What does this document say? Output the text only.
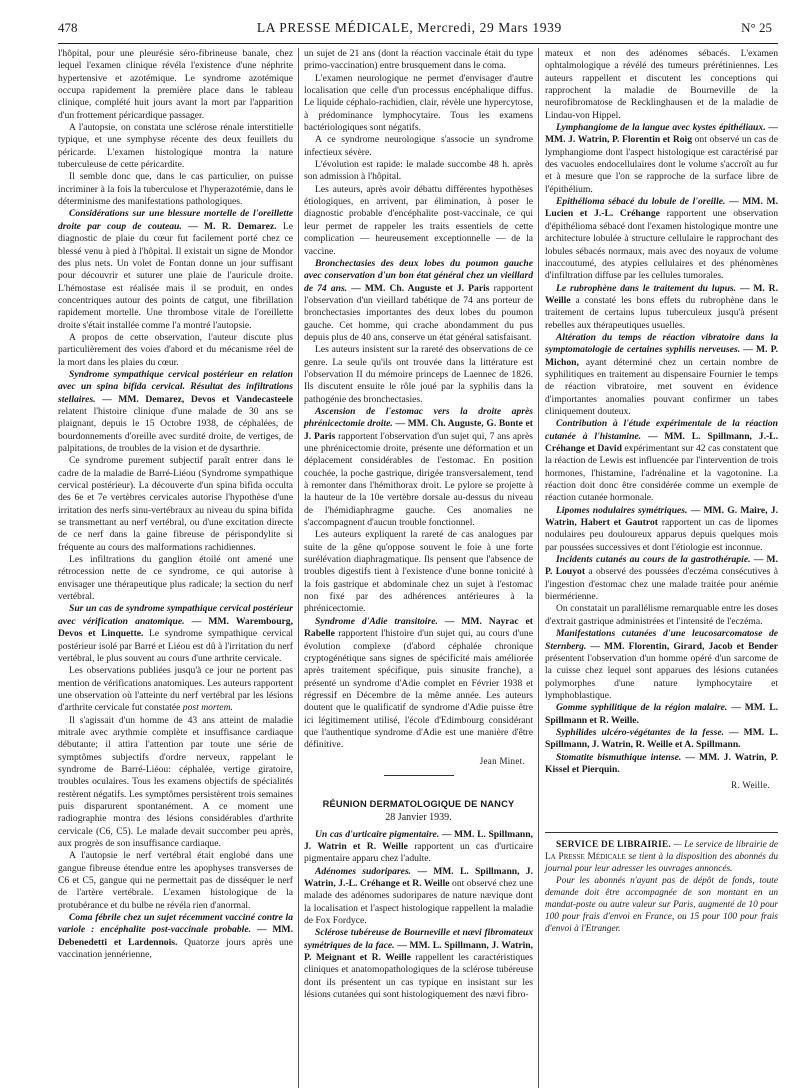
478	LA PRESSE MÉDICALE, Mercredi, 29 Mars 1939	N° 25

l'hôpital, pour une pleurésie séro-fibrineuse banale, chez lequel l'examen clinique révéla l'existence d'une néphrite hypertensive et azotémique. Le syndrome azotémique occupa rapidement la première place dans le tableau clinique, complété huit jours avant la mort par l'apparition d'un frottement péricardique passager.

A l'autopsie, on constata une sclérose rénale interstitielle typique, et une symphyse récente des deux feuillets du péricarde. L'examen histologique montra la nature tuberculeuse de cette péricardite.

Il semble donc que, dans le cas particulier, on puisse incriminer à la fois la tuberculose et l'hyperazotémie, dans le déterminisme des manifestations pathologiques.

Considérations sur une blessure mortelle de l'oreillette droite par coup de couteau. — M. R. Demarez. Le diagnostic de plaie du cœur fut facilement porté chez ce blessé venu à pied à l'hôpital. Il existait un signe de Mondor des plus nets. Un volet de Fontan donne un jour suffisant pour découvrir et suturer une plaie de l'auricule droite. L'hémostase est réalisée mais il se produit, en ondes concentriques autour des points de catgut, une fibrillation rapidement mortelle. Une thrombose vitale de l'oreillette droite s'était installée comme l'a montré l'autopsie.

A propos de cette observation, l'auteur discute plus particulièrement des voies d'abord et du mécanisme réel de la mort dans les plaies du cœur.

Syndrome sympathique cervical postérieur en relation avec un spina bifida cervical. Résultat des infiltrations stellaires. — MM. Demarez, Devos et Vandecasteele relatent l'histoire clinique d'une malade de 30 ans se plaignant, depuis le 15 Octobre 1938, de céphalées, de bourdonnements d'oreille avec surdité droite, de vertiges, de palpitations, de troubles de la vision et de dysarthrie.

Ce syndrome purement subjectif paraît entrer dans le cadre de la maladie de Barré-Liéou (Syndrome sympathique cervical postérieur). La découverte d'un spina bifida occulta des 6e et 7e vertèbres cervicales autorise l'hypothèse d'une irritation des nerfs sinu-vertébraux au niveau du spina bifida se transmettant au nerf vertébral, ou d'une excitation directe de ce nerf dans la gaine fibreuse de périspondylite si fréquente au cours des malformations rachidiennes.

Les infiltrations du ganglion étoilé ont amené une rétrocession nette de ce syndrome, ce qui autorise à envisager une thérapeutique plus radicale; la section du nerf vertébral.

Sur un cas de syndrome sympathique cervical postérieur avec vérification anatomique. — MM. Warembourg, Devos et Linquette. Le syndrome sympathique cervical postérieur isolé par Barré et Liéou est dû à l'irritation du nerf vertébral, le plus souvent au cours d'une arthrite cervicale.

Les observations publiées jusqu'à ce jour ne portent pas mention de vérifications anatomiques. Les auteurs rapportent une observation où l'atteinte du nerf vertébral par les lésions d'arthrite cervicale fut constatée post mortem.

Il s'agissait d'un homme de 43 ans atteint de maladie mitrale avec arythmie complète et insuffisance cardiaque débutante; il attira l'attention par toute une série de symptômes subjectifs d'ordre nerveux, rappelant le syndrome de Barré-Liéou: céphalée, vertige giratoire, troubles oculaires. Tous les examens objectifs de spécialités restèrent négatifs. Les symptômes persistèrent trois semaines puis disparurent spontanément. A ce moment une radiographie montra des lésions considérables d'arthrite cervicale (C6, C5). Le malade devait succomber peu après, aux progrès de son insuffisance cardiaque.

A l'autopsie le nerf vertébral était englobé dans une gangue fibreuse étendue entre les apophyses transverses de C6 et C5, gangue qui ne permettait pas de disséquer le nerf de l'artère vertébrale. L'examen histologique de la protubérance et du bulbe ne révéla rien d'anormal.

Coma fébrile chez un sujet récemment vacciné contre la variole : encéphalite post-vaccinale probable. — MM. Debenedetti et Lardennois. Quatorze jours après une vaccination jennérienne,

un sujet de 21 ans (dont la réaction vaccinale était du type primo-vaccination) entre brusquement dans le coma.

L'examen neurologique ne permet d'envisager d'autre localisation que celle d'un processus encéphalique diffus. Le liquide céphalo-rachidien, clair, révèle une hypercytose, à prédominance lymphocytaire. Tous les examens bactériologiques sont négatifs.

A ce syndrome neurologique s'associe un syndrome infectieux sévère.

L'évolution est rapide: le malade succombe 48 h. après son admission à l'hôpital.

Les auteurs, après avoir débattu différentes hypothèses étiologiques, en arrivent, par élimination, à poser le diagnostic probable d'encéphalite post-vaccinale, ce qui leur permet de rappeler les traits essentiels de cette complication — heureusement exceptionnelle — de la vaccine.

Bronchectasies des deux lobes du poumon gauche avec conservation d'un bon état général chez un vieillard de 74 ans. — MM. Ch. Auguste et J. Paris rapportent l'observation d'un vieillard tabétique de 74 ans porteur de bronchectasies importantes des deux lobes du poumon gauche. Cet homme, qui crache abondamment du pus depuis plus de 40 ans, conserve un état général satisfaisant.

Les auteurs insistent sur la rareté des observations de ce genre. La seule qu'ils ont trouvée dans la littérature est l'observation II du mémoire princeps de Laennec de 1826. Ils discutent ensuite le rôle joué par la syphilis dans la pathogénie des bronchectasies.

Ascension de l'estomac vers la droite après phrénicectomie droite. — MM. Ch. Auguste, G. Bonte et J. Paris rapportent l'observation d'un sujet qui, 7 ans après une phrénicectomie droite, présente une déformation et un déplacement considérables de l'estomac. En position couchée, la poche gastrique, dirigée transversalement, tend à remonter dans l'hémithorax droit. Le pylore se projette à la hauteur de la 10e vertèbre dorsale au-dessus du niveau de l'hémidiaphragme gauche. Ces anomalies ne s'accompagnent d'aucun trouble fonctionnel.

Les auteurs expliquent la rareté de cas analogues par suite de la gêne qu'oppose souvent le foie à une forte surélévation diaphragmatique. Ils pensent que l'absence de troubles digestifs tient à l'existence d'une bonne tonicité à la fois gastrique et abdominale chez un sujet à l'estomac non fixé par des adhérences antérieures à la phrénicectomie.

Syndrome d'Adie transitoire. — MM. Nayrac et Rabelle rapportent l'histoire d'un sujet qui, au cours d'une évolution complexe (d'abord céphalée chronique cryptogénétique sans signes de spécificité mais améliorée après traitement spécifique, puis sinusite franche), a présenté un syndrome d'Adie complet en Février 1938 et régressif en Décembre de la même année. Les auteurs doutent que le qualificatif de syndrome d'Adie puisse être ici légitimement utilisé, l'école d'Edimbourg considérant que l'authentique syndrome d'Adie est une manière d'être définitive.

Jean Minet.
RÉUNION DERMATOLOGIQUE DE NANCY
28 Janvier 1939.

Un cas d'urticaire pigmentaire. — MM. L. Spillmann, J. Watrin et R. Weille rapportent un cas d'urticaire pigmentaire apparu chez l'adulte.

Adénomes sudoripares. — MM. L. Spillmann, J. Watrin, J.-L. Créhange et R. Weille ont observé chez une malade des adénomes sudoripares de nature nævique dont la localisation et l'aspect histologique rappellent la maladie de Fox Fordyce.

Sclérose tubéreuse de Bourneville et nævi fibromateux symétriques de la face. — MM. L. Spillmann, J. Watrin, P. Meignant et R. Weille rappellent les caractéristiques cliniques et anatomopathologiques de la sclérose tubéreuse dont ils présentent un cas typique en insistant sur les lésions cutanées qui sont histologiquement des nævi fibro-

mateux et non des adénomes sébacés. L'examen ophtalmologique a révélé des tumeurs prérétiniennes. Les auteurs rappellent et discutent les conceptions qui rapprochent la maladie de Bourneville de la neurofibromatose de Recklinghausen et de la maladie de Lindau-von Hippel.

Lymphangiome de la langue avec kystes épithéliaux. — MM. J. Watrin, P. Florentin et Roig ont observé un cas de lymphangiome dont l'aspect histologique est caractérisé par des vacuoles endocellulaires dont le volume s'accroît au fur et à mesure que l'on se rapproche de la surface libre de l'épithélium.

Epithélioma sébacé du lobule de l'oreille. — MM. M. Lucien et J.-L. Créhange rapportent une observation d'épithélioma sébacé dont l'examen histologique montre une architecture lobulée à structure cellulaire le rapprochant des lobules sébacés normaux, mais avec des noyaux de volume inaccoutumé, des atypies cellulaires et des phénomènes d'infiltration diffuse par les cellules tumorales.

Le rubrophène dans le traitement du lupus. — M. R. Weille a constaté les bons effets du rubrophène dans le traitement de certains lupus tuberculeux jusqu'à présent rebelles aux thérapeutiques usuelles.

Altération du temps de réaction vibratoire dans la symptomatologie de certaines syphilis nerveuses. — M. P. Michon, ayant déterminé chez un certain nombre de syphilitiques en traitement au dispensaire Fournier le temps de réaction vibratoire, met souvent en évidence d'importantes anomalies pouvant confirmer un tabes cliniquement douteux.

Contribution à l'étude expérimentale de la réaction cutanée à l'histamine. — MM. L. Spillmann, J.-L. Créhange et David expérimentant sur 42 cas constatent que la réaction de Lewis est influencée par l'intervention de trois hormones, l'histamine, l'adrénaline et la vagotonine. La réaction doit donc être considérée comme un exemple de réaction cutanée hormonale.

Lipomes nodulaires symétriques. — MM. G. Maire, J. Watrin, Habert et Gautrot rapportent un cas de lipomes nodulaires peu douloureux apparus depuis quelques mois par poussées successives et dont l'étiologie est inconnue.

Incidents cutanés au cours de la gastrothérapie. — M. P. Louyot a observé des poussées d'eczéma consécutives à l'ingestion d'estomac chez une malade traitée pour anémie biermérienne.

On constatait un parallélisme remarquable entre les doses d'extrait gastrique administrées et l'intensité de l'eczéma.

Manifestations cutanées d'une leucosarcomatose de Sternberg. — MM. Florentin, Girard, Jacob et Bender présentent l'observation d'un homme opéré d'un sarcome de la cuisse chez lequel sont apparues des lésions cutanées polymorphes d'une nature lymphocytaire et lymphoblastique.

Gomme syphilitique de la région malaire. — MM. L. Spillmann et R. Weille.

Syphilides ulcéro-végétantes de la fesse. — MM. L. Spillmann, J. Watrin, R. Weille et A. Spillmann.

Stomatite bismuthique intense. — MM. J. Watrin, P. Kissel et Pierquin.

R. Weille.

SERVICE DE LIBRAIRIE. — Le service de librairie de La Presse Médicale se tient à la disposition des abonnés du journal pour leur adresser les ouvrages annoncés.

Pour les abonnés n'ayant pas de dépôt de fonds, toute demande doit être accompagnée de son montant en un mandat-poste ou autre valeur sur Paris, augmenté de 10 pour 100 pour frais d'envoi en France, ou 15 pour 100 pour frais d'envoi à l'Etranger.
